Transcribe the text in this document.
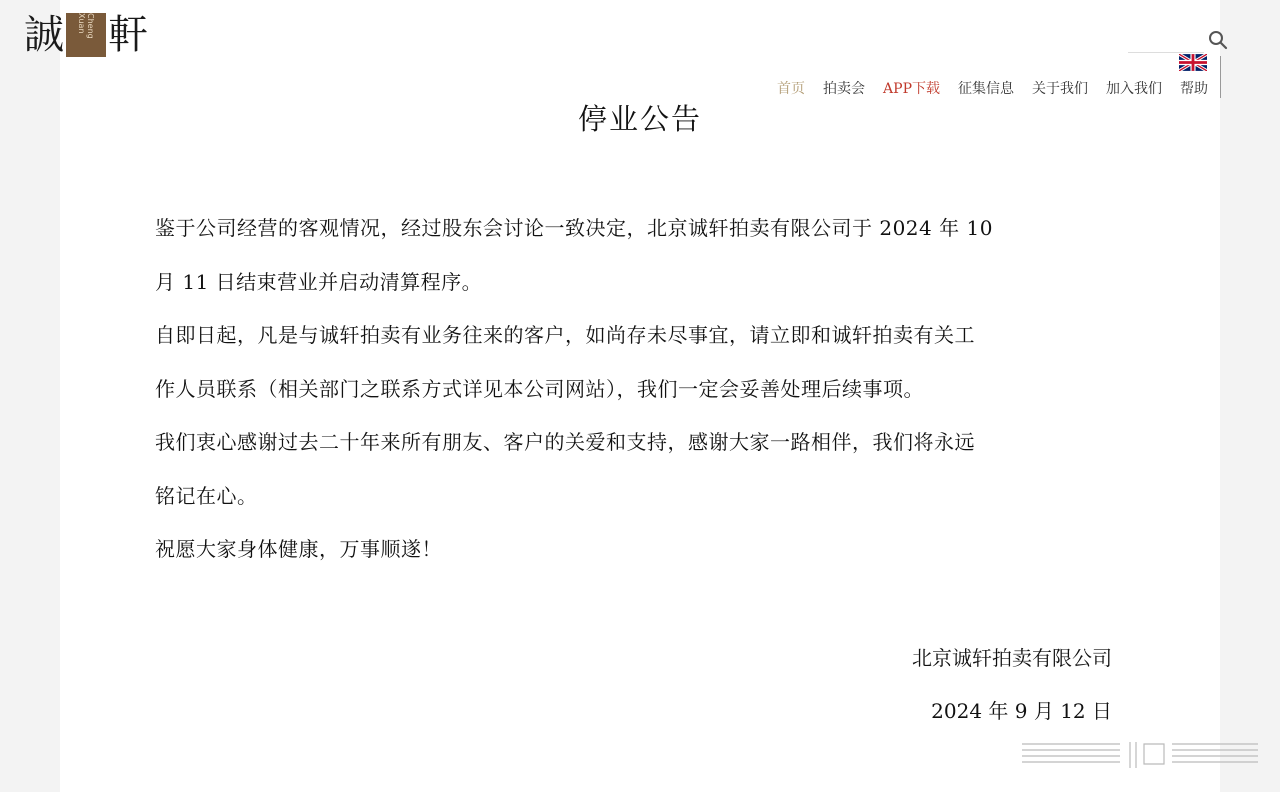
誠	Cheng Xuan 軒
首页 拍卖会 APP下载 征集信息 关于我们 加入我们 帮助
停业公告

鉴于公司经营的客观情况，经过股东会讨论一致决定，北京诚轩拍卖有限公司于 2024 年 10

月 11 日结束营业并启动清算程序。

自即日起，凡是与诚轩拍卖有业务往来的客户，如尚存未尽事宜，请立即和诚轩拍卖有关工

作人员联系（相关部门之联系方式详见本公司网站），我们一定会妥善处理后续事项。

我们衷心感谢过去二十年来所有朋友、客户的关爱和支持，感谢大家一路相伴，我们将永远

铭记在心。

祝愿大家身体健康，万事顺遂！

北京诚轩拍卖有限公司

2024 年 9 月 12 日
